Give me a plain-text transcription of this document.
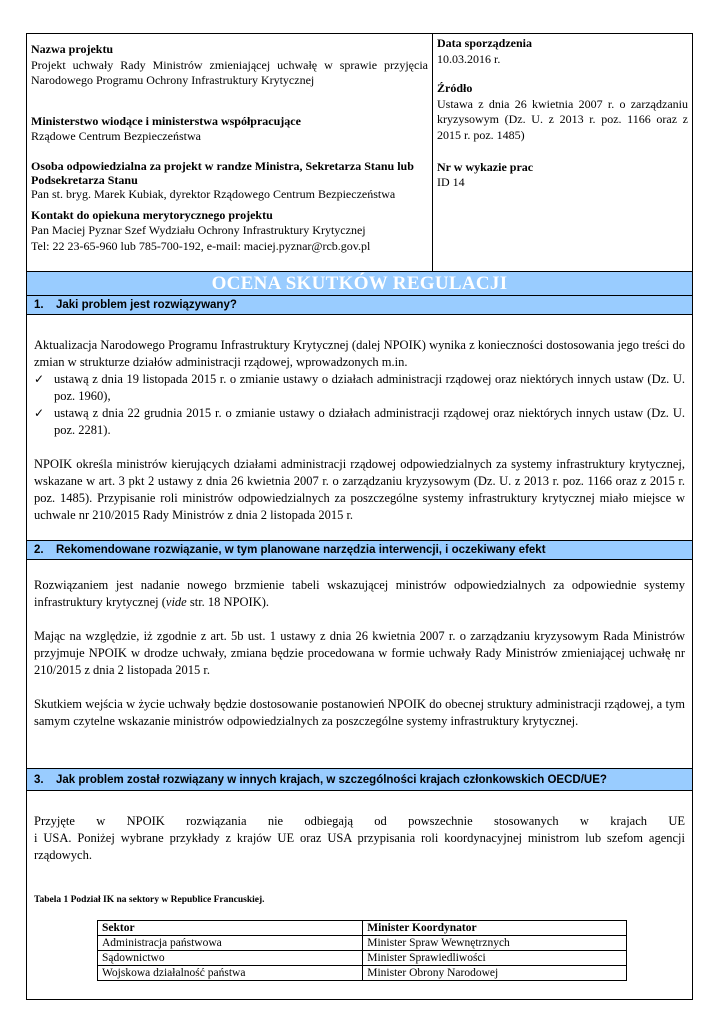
Nazwa projektu
Projekt uchwały Rady Ministrów zmieniającej uchwałę w sprawie przyjęcia Narodowego Programu Ochrony Infrastruktury Krytycznej
Ministerstwo wiodące i ministerstwa współpracujące
Rządowe Centrum Bezpieczeństwa
Osoba odpowiedzialna za projekt w randze Ministra, Sekretarza Stanu lub Podsekretarza Stanu
Pan st. bryg. Marek Kubiak, dyrektor Rządowego Centrum Bezpieczeństwa
Kontakt do opiekuna merytorycznego projektu
Pan Maciej Pyznar Szef Wydziału Ochrony Infrastruktury Krytycznej
Tel: 22 23-65-960 lub 785-700-192, e-mail: maciej.pyznar@rcb.gov.pl
Data sporządzenia
10.03.2016 r.
Źródło
Ustawa z dnia 26 kwietnia 2007 r. o zarządzaniu kryzysowym (Dz. U. z 2013 r. poz. 1166 oraz z 2015 r. poz. 1485)
Nr w wykazie prac
ID 14
OCENA SKUTKÓW REGULACJI
1. Jaki problem jest rozwiązywany?
Aktualizacja Narodowego Programu Infrastruktury Krytycznej (dalej NPOIK) wynika z konieczności dostosowania jego treści do zmian w strukturze działów administracji rządowej, wprowadzonych m.in.
✓ ustawą z dnia 19 listopada 2015 r. o zmianie ustawy o działach administracji rządowej oraz niektórych innych ustaw (Dz. U. poz. 1960),
✓ ustawą z dnia 22 grudnia 2015 r. o zmianie ustawy o działach administracji rządowej oraz niektórych innych ustaw (Dz. U. poz. 2281).
NPOIK określa ministrów kierujących działami administracji rządowej odpowiedzialnych za systemy infrastruktury krytycznej, wskazane w art. 3 pkt 2 ustawy z dnia 26 kwietnia 2007 r. o zarządzaniu kryzysowym (Dz. U. z 2013 r. poz. 1166 oraz z 2015 r. poz. 1485). Przypisanie roli ministrów odpowiedzialnych za poszczególne systemy infrastruktury krytycznej miało miejsce w uchwale nr 210/2015 Rady Ministrów z dnia 2 listopada 2015 r.
2. Rekomendowane rozwiązanie, w tym planowane narzędzia interwencji, i oczekiwany efekt
Rozwiązaniem jest nadanie nowego brzmienie tabeli wskazującej ministrów odpowiedzialnych za odpowiednie systemy infrastruktury krytycznej (vide str. 18 NPOIK).
Mając na względzie, iż zgodnie z art. 5b ust. 1 ustawy z dnia 26 kwietnia 2007 r. o zarządzaniu kryzysowym Rada Ministrów przyjmuje NPOIK w drodze uchwały, zmiana będzie procedowana w formie uchwały Rady Ministrów zmieniającej uchwałę nr 210/2015 z dnia 2 listopada 2015 r.
Skutkiem wejścia w życie uchwały będzie dostosowanie postanowień NPOIK do obecnej struktury administracji rządowej, a tym samym czytelne wskazanie ministrów odpowiedzialnych za poszczególne systemy infrastruktury krytycznej.
3. Jak problem został rozwiązany w innych krajach, w szczególności krajach członkowskich OECD/UE?
Przyjęte w NPOIK rozwiązania nie odbiegają od powszechnie stosowanych w krajach UE
i USA. Poniżej wybrane przykłady z krajów UE oraz USA przypisania roli koordynacyjnej ministrom lub szefom agencji rządowych.
Tabela 1 Podział IK na sektory w Republice Francuskiej.
Sektor	Minister Koordynator
Administracja państwowa	Minister Spraw Wewnętrznych
Sądownictwo	Minister Sprawiedliwości
Wojskowa działalność państwa	Minister Obrony Narodowej
